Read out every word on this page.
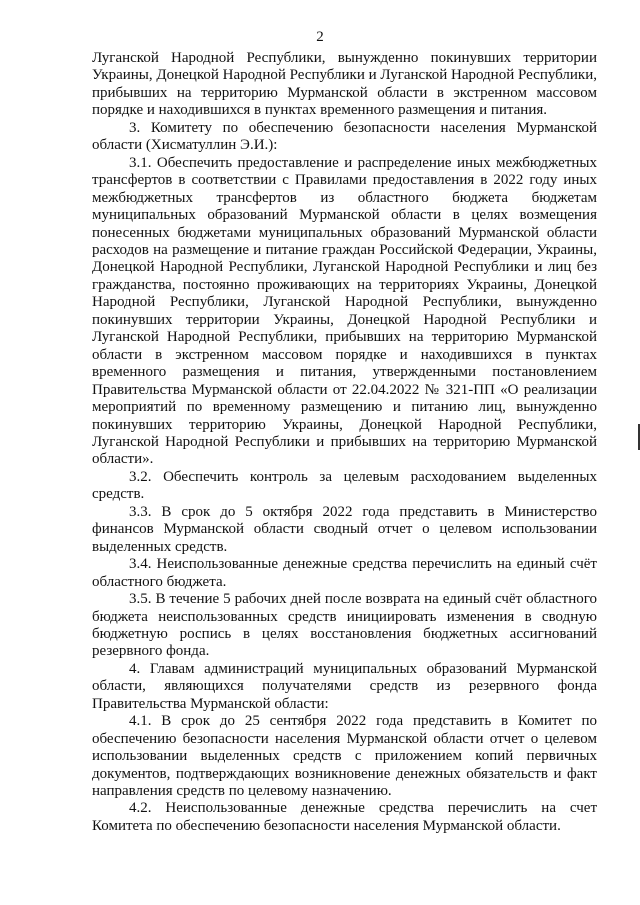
2

Луганской Народной Республики, вынужденно покинувших территории Украины, Донецкой Народной Республики и Луганской Народной Республики, прибывших на территорию Мурманской области в экстренном массовом порядке и находившихся в пунктах временного размещения и питания.

3. Комитету по обеспечению безопасности населения Мурманской области (Хисматуллин Э.И.):

3.1. Обеспечить предоставление и распределение иных межбюджетных трансфертов в соответствии с Правилами предоставления в 2022 году иных межбюджетных трансфертов из областного бюджета бюджетам муниципальных образований Мурманской области в целях возмещения понесенных бюджетами муниципальных образований Мурманской области расходов на размещение и питание граждан Российской Федерации, Украины, Донецкой Народной Республики, Луганской Народной Республики и лиц без гражданства, постоянно проживающих на территориях Украины, Донецкой Народной Республики, Луганской Народной Республики, вынужденно покинувших территории Украины, Донецкой Народной Республики и Луганской Народной Республики, прибывших на территорию Мурманской области в экстренном массовом порядке и находившихся в пунктах временного размещения и питания, утвержденными постановлением Правительства Мурманской области от 22.04.2022 № 321-ПП «О реализации мероприятий по временному размещению и питанию лиц, вынужденно покинувших территорию Украины, Донецкой Народной Республики, Луганской Народной Республики и прибывших на территорию Мурманской области».

3.2. Обеспечить контроль за целевым расходованием выделенных средств.

3.3. В срок до 5 октября 2022 года представить в Министерство финансов Мурманской области сводный отчет о целевом использовании выделенных средств.

3.4. Неиспользованные денежные средства перечислить на единый счёт областного бюджета.

3.5. В течение 5 рабочих дней после возврата на единый счёт областного бюджета неиспользованных средств инициировать изменения в сводную бюджетную роспись в целях восстановления бюджетных ассигнований резервного фонда.

4. Главам администраций муниципальных образований Мурманской области, являющихся получателями средств из резервного фонда Правительства Мурманской области:

4.1. В срок до 25 сентября 2022 года представить в Комитет по обеспечению безопасности населения Мурманской области отчет о целевом использовании выделенных средств с приложением копий первичных документов, подтверждающих возникновение денежных обязательств и факт направления средств по целевому назначению.

4.2. Неиспользованные денежные средства перечислить на счет Комитета по обеспечению безопасности населения Мурманской области.
